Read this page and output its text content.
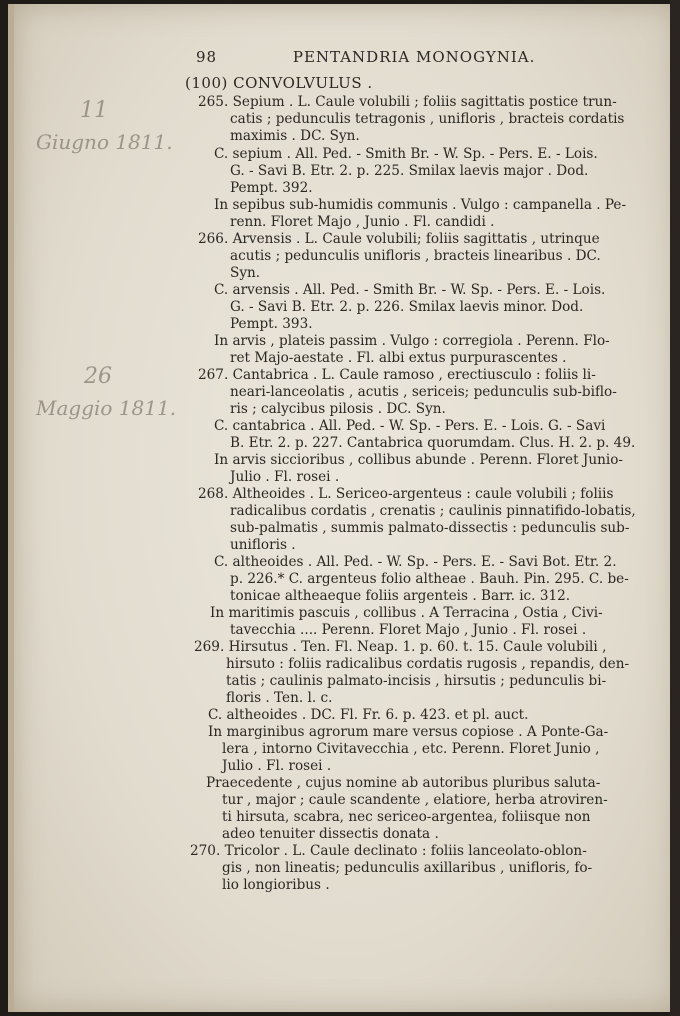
98	PENTANDRIA MONOGYNIA.
(100) CONVOLVULUS .
11
Giugno 1811.
26
Maggio 1811.
265. Sepium . L. Caule volubili ; foliis sagittatis postice trun-
catis ; pedunculis tetragonis , unifloris , bracteis cordatis
maximis . DC. Syn.
C. sepium . All. Ped. - Smith Br. - W. Sp. - Pers. E. - Lois.
G. - Savi B. Etr. 2. p. 225. Smilax laevis major . Dod.
Pempt. 392.
In sepibus sub-humidis communis . Vulgo : campanella . Pe-
renn. Floret Majo , Junio . Fl. candidi .
266. Arvensis . L. Caule volubili; foliis sagittatis , utrinque
acutis ; pedunculis unifloris , bracteis linearibus . DC.
Syn.
C. arvensis . All. Ped. - Smith Br. - W. Sp. - Pers. E. - Lois.
G. - Savi B. Etr. 2. p. 226. Smilax laevis minor. Dod.
Pempt. 393.
In arvis , plateis passim . Vulgo : corregiola . Perenn. Flo-
ret Majo-aestate . Fl. albi extus purpurascentes .
267. Cantabrica . L. Caule ramoso , erectiusculo : foliis li-
neari-lanceolatis , acutis , sericeis; pedunculis sub-biflo-
ris ; calycibus pilosis . DC. Syn.
C. cantabrica . All. Ped. - W. Sp. - Pers. E. - Lois. G. - Savi
B. Etr. 2. p. 227. Cantabrica quorumdam. Clus. H. 2. p. 49.
In arvis siccioribus , collibus abunde . Perenn. Floret Junio-
Julio . Fl. rosei .
268. Altheoides . L. Sericeo-argenteus : caule volubili ; foliis
radicalibus cordatis , crenatis ; caulinis pinnatifido-lobatis,
sub-palmatis , summis palmato-dissectis : pedunculis sub-
unifloris .
C. altheoides . All. Ped. - W. Sp. - Pers. E. - Savi Bot. Etr. 2.
p. 226.* C. argenteus folio altheae . Bauh. Pin. 295. C. be-
tonicae altheaeque foliis argenteis . Barr. ic. 312.
In maritimis pascuis , collibus . A Terracina , Ostia , Civi-
tavecchia .... Perenn. Floret Majo , Junio . Fl. rosei .
269. Hirsutus . Ten. Fl. Neap. 1. p. 60. t. 15. Caule volubili ,
hirsuto : foliis radicalibus cordatis rugosis , repandis, den-
tatis ; caulinis palmato-incisis , hirsutis ; pedunculis bi-
floris . Ten. l. c.
C. altheoides . DC. Fl. Fr. 6. p. 423. et pl. auct.
In marginibus agrorum mare versus copiose . A Ponte-Ga-
lera , intorno Civitavecchia , etc. Perenn. Floret Junio ,
Julio . Fl. rosei .
Praecedente , cujus nomine ab autoribus pluribus saluta-
tur , major ; caule scandente , elatiore, herba atroviren-
ti hirsuta, scabra, nec sericeo-argentea, foliisque non
adeo tenuiter dissectis donata .
270. Tricolor . L. Caule declinato : foliis lanceolato-oblon-
gis , non lineatis; pedunculis axillaribus , unifloris, fo-
lio longioribus .
